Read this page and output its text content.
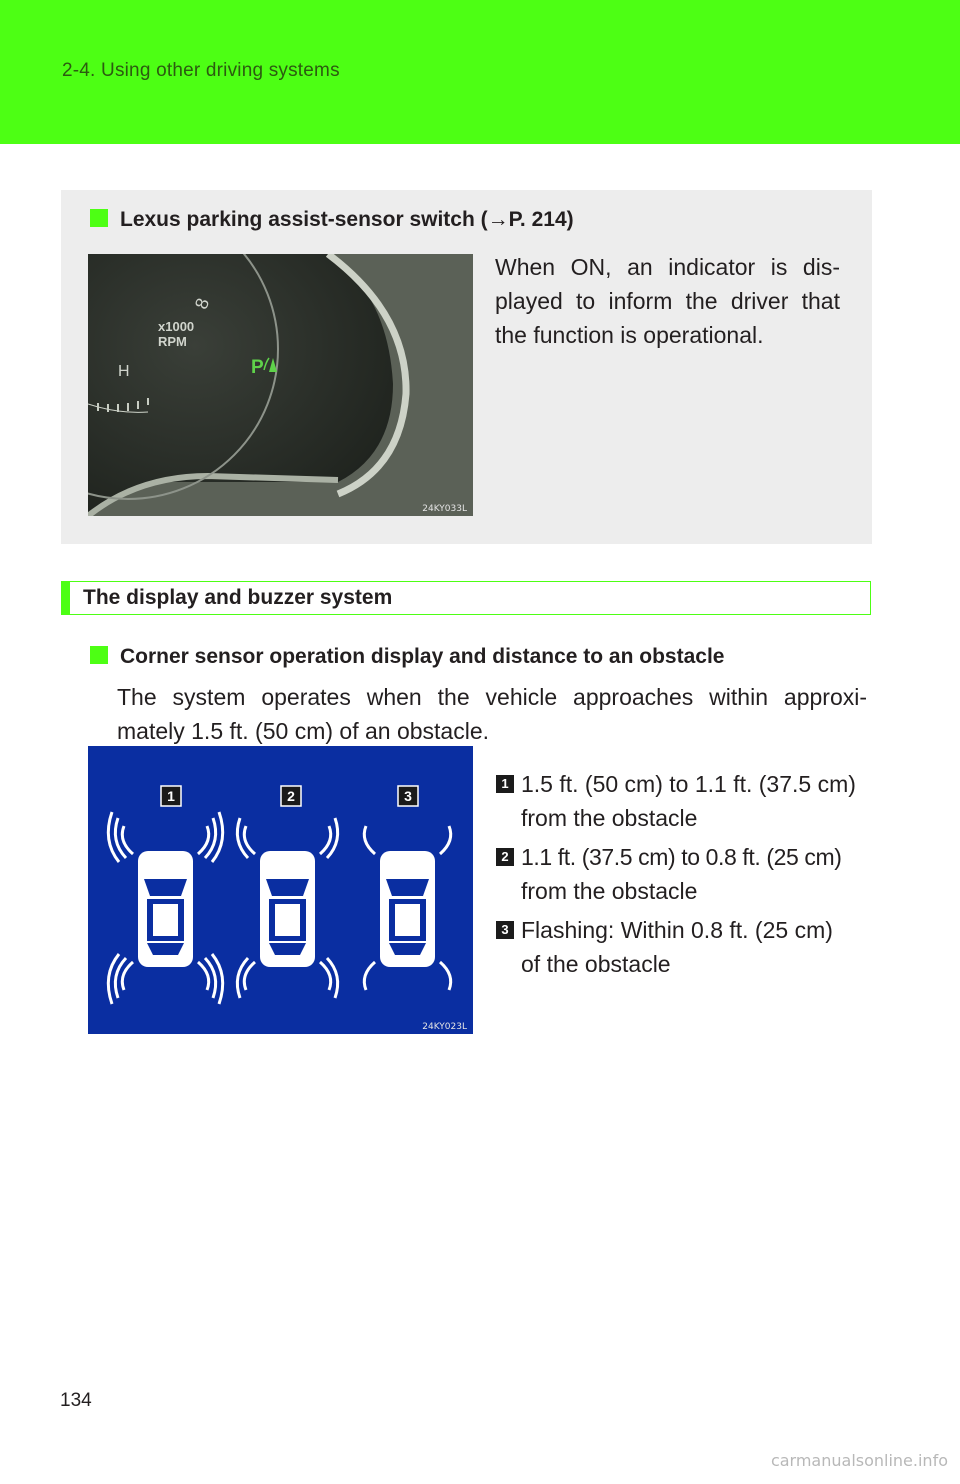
2-4. Using other driving systems
Lexus parking assist-sensor switch (→P. 214)
8
x1000
RPM
H	P
24KY033L
When ON, an indicator is dis-
played to inform the driver that
the function is operational.
The display and buzzer system
Corner sensor operation display and distance to an obstacle
The system operates when the vehicle approaches within approxi-
mately 1.5 ft. (50 cm) of an obstacle.
1	2	3
24KY023L
1 1.5 ft. (50 cm) to 1.1 ft. (37.5 cm)
from the obstacle
2 1.1 ft. (37.5 cm) to 0.8 ft. (25 cm)
from the obstacle
3 Flashing: Within 0.8 ft. (25 cm)
of the obstacle
134
carmanualsonline.info
